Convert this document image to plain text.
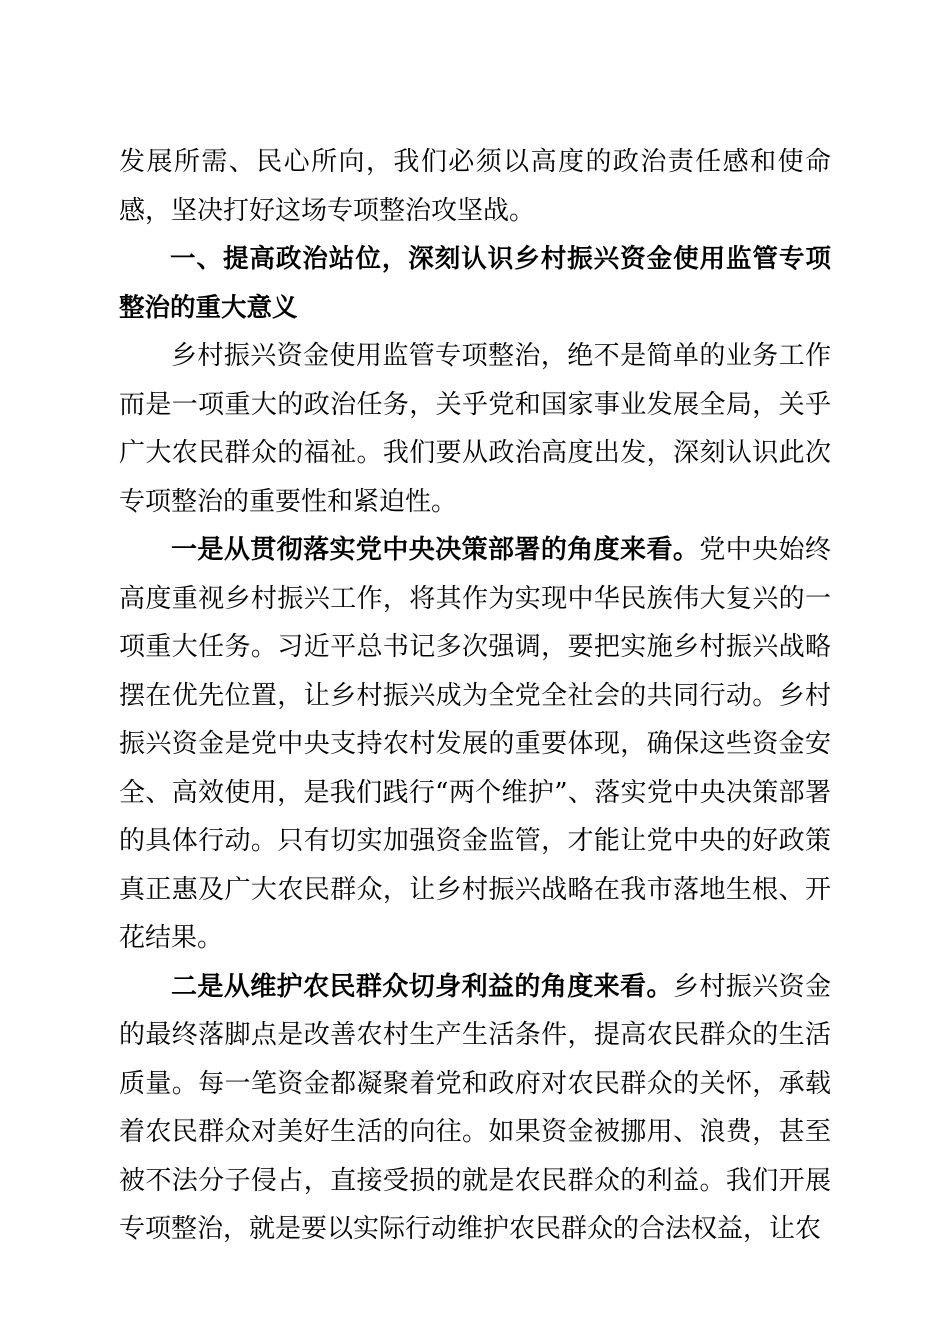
发展所需、民心所向，我们必须以高度的政治责任感和使命感，坚决打好这场专项整治攻坚战。

一、提高政治站位，深刻认识乡村振兴资金使用监管专项整治的重大意义

乡村振兴资金使用监管专项整治，绝不是简单的业务工作而是一项重大的政治任务，关乎党和国家事业发展全局，关乎广大农民群众的福祉。我们要从政治高度出发，深刻认识此次专项整治的重要性和紧迫性。

一是从贯彻落实党中央决策部署的角度来看。党中央始终高度重视乡村振兴工作，将其作为实现中华民族伟大复兴的一项重大任务。习近平总书记多次强调，要把实施乡村振兴战略摆在优先位置，让乡村振兴成为全党全社会的共同行动。乡村振兴资金是党中央支持农村发展的重要体现，确保这些资金安全、高效使用，是我们践行“两个维护”、落实党中央决策部署的具体行动。只有切实加强资金监管，才能让党中央的好政策真正惠及广大农民群众，让乡村振兴战略在我市落地生根、开花结果。

二是从维护农民群众切身利益的角度来看。乡村振兴资金的最终落脚点是改善农村生产生活条件，提高农民群众的生活质量。每一笔资金都凝聚着党和政府对农民群众的关怀，承载着农民群众对美好生活的向往。如果资金被挪用、浪费，甚至被不法分子侵占，直接受损的就是农民群众的利益。我们开展专项整治，就是要以实际行动维护农民群众的合法权益，让农
